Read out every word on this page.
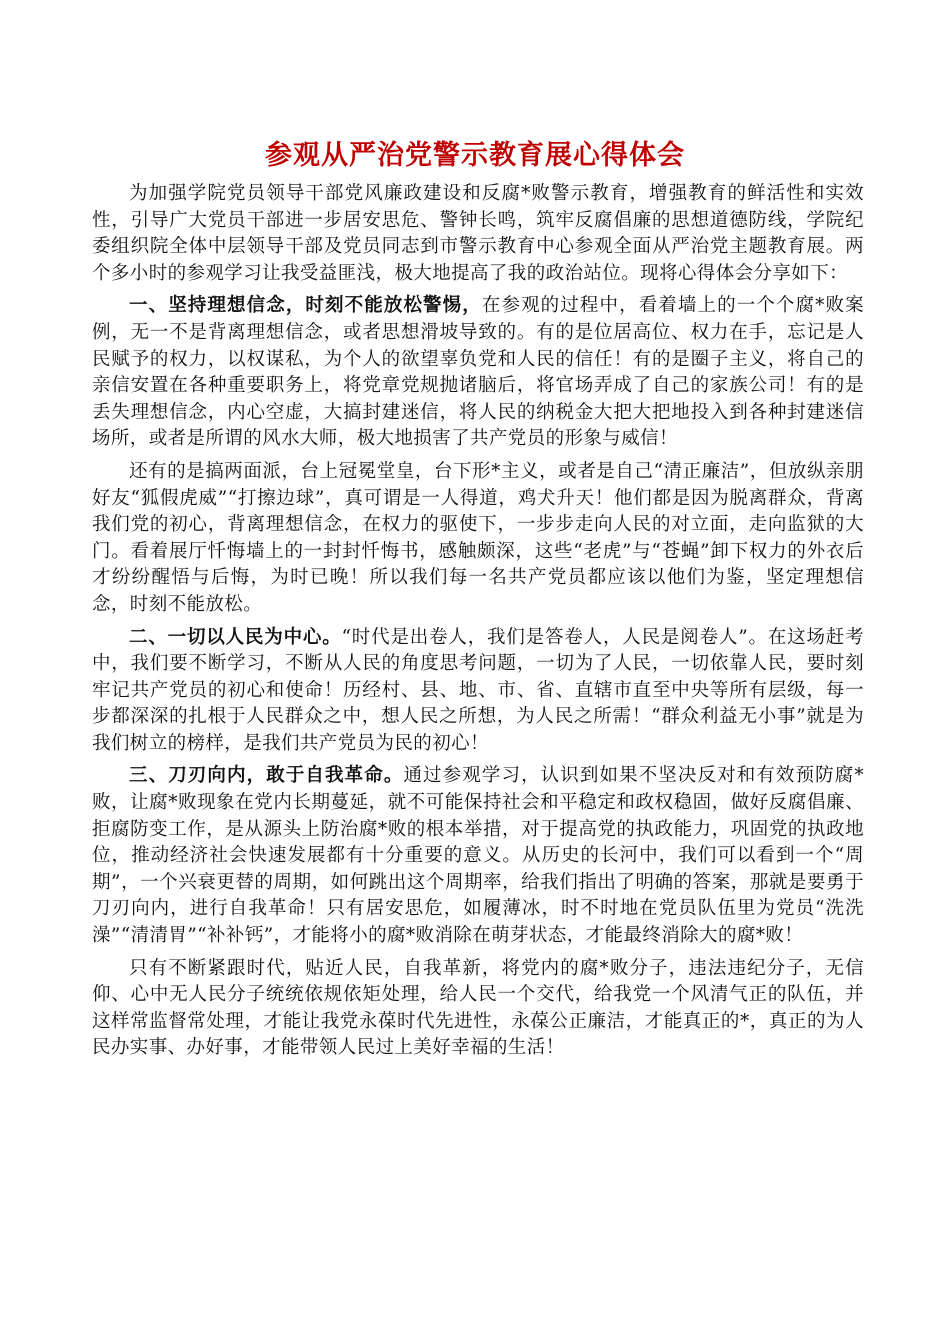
参观从严治党警示教育展心得体会

为加强学院党员领导干部党风廉政建设和反腐*败警示教育，增强教育的鲜活性和实效性，引导广大党员干部进一步居安思危、警钟长鸣，筑牢反腐倡廉的思想道德防线，学院纪委组织院全体中层领导干部及党员同志到市警示教育中心参观全面从严治党主题教育展。两个多小时的参观学习让我受益匪浅，极大地提高了我的政治站位。现将心得体会分享如下：

一、坚持理想信念，时刻不能放松警惕，在参观的过程中，看着墙上的一个个腐*败案例，无一不是背离理想信念，或者思想滑坡导致的。有的是位居高位、权力在手，忘记是人民赋予的权力，以权谋私，为个人的欲望辜负党和人民的信任！有的是圈子主义，将自己的亲信安置在各种重要职务上，将党章党规抛诸脑后，将官场弄成了自己的家族公司！有的是丢失理想信念，内心空虚，大搞封建迷信，将人民的纳税金大把大把地投入到各种封建迷信场所，或者是所谓的风水大师，极大地损害了共产党员的形象与威信！

还有的是搞两面派，台上冠冕堂皇，台下形*主义，或者是自己“清正廉洁”，但放纵亲朋好友“狐假虎威”“打擦边球”，真可谓是一人得道，鸡犬升天！他们都是因为脱离群众，背离我们党的初心，背离理想信念，在权力的驱使下，一步步走向人民的对立面，走向监狱的大门。看着展厅忏悔墙上的一封封忏悔书，感触颇深，这些“老虎”与“苍蝇”卸下权力的外衣后才纷纷醒悟与后悔，为时已晚！所以我们每一名共产党员都应该以他们为鉴，坚定理想信念，时刻不能放松。

二、一切以人民为中心。“时代是出卷人，我们是答卷人，人民是阅卷人”。在这场赶考中，我们要不断学习，不断从人民的角度思考问题，一切为了人民，一切依靠人民，要时刻牢记共产党员的初心和使命！历经村、县、地、市、省、直辖市直至中央等所有层级，每一步都深深的扎根于人民群众之中，想人民之所想，为人民之所需！“群众利益无小事”就是为我们树立的榜样，是我们共产党员为民的初心！

三、刀刃向内，敢于自我革命。通过参观学习，认识到如果不坚决反对和有效预防腐*败，让腐*败现象在党内长期蔓延，就不可能保持社会和平稳定和政权稳固，做好反腐倡廉、拒腐防变工作，是从源头上防治腐*败的根本举措，对于提高党的执政能力，巩固党的执政地位，推动经济社会快速发展都有十分重要的意义。从历史的长河中，我们可以看到一个“周期”，一个兴衰更替的周期，如何跳出这个周期率，给我们指出了明确的答案，那就是要勇于刀刃向内，进行自我革命！只有居安思危，如履薄冰，时不时地在党员队伍里为党员“洗洗澡”“清清胃”“补补钙”，才能将小的腐*败消除在萌芽状态，才能最终消除大的腐*败！

只有不断紧跟时代，贴近人民，自我革新，将党内的腐*败分子，违法违纪分子，无信仰、心中无人民分子统统依规依矩处理，给人民一个交代，给我党一个风清气正的队伍，并这样常监督常处理，才能让我党永葆时代先进性，永葆公正廉洁，才能真正的*，真正的为人民办实事、办好事，才能带领人民过上美好幸福的生活！
